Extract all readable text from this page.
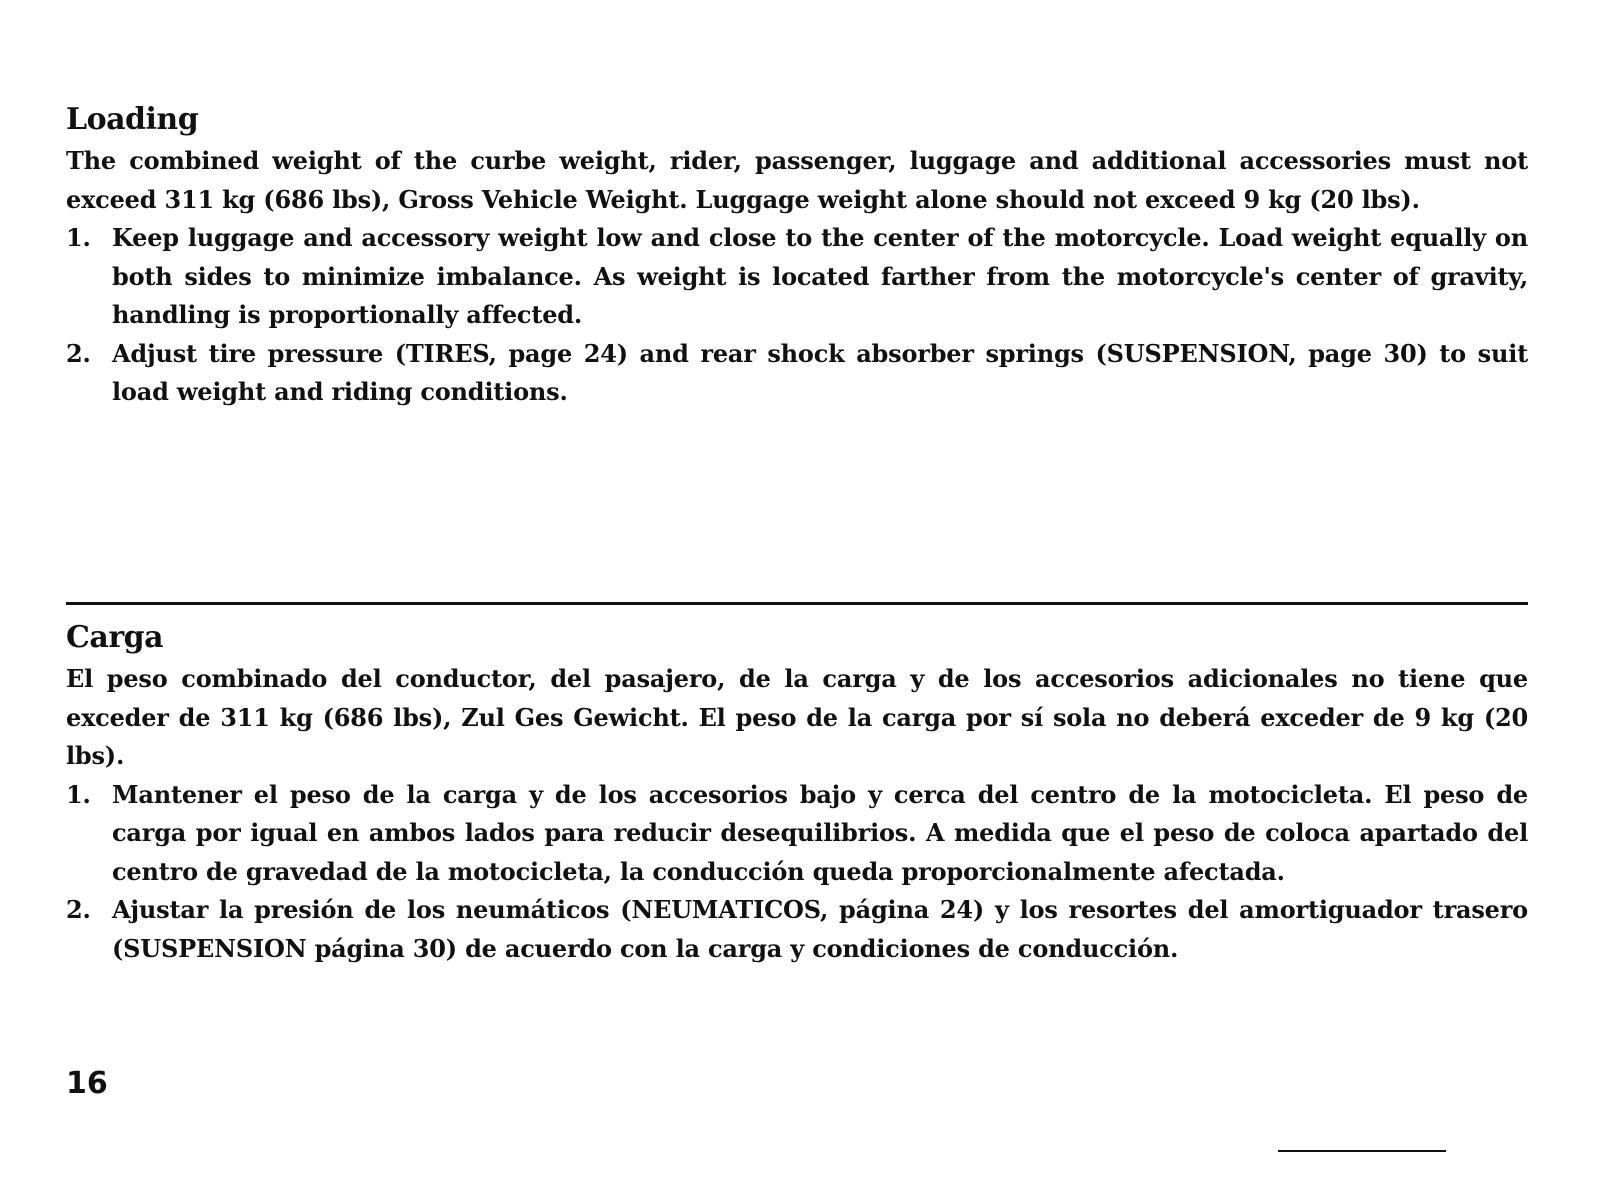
Loading

The combined weight of the curbe weight, rider, passenger, luggage and additional accessories must not exceed 311 kg (686 lbs), Gross Vehicle Weight. Luggage weight alone should not exceed 9 kg (20 lbs).

1. Keep luggage and accessory weight low and close to the center of the motorcycle. Load weight equally on both sides to minimize imbalance. As weight is located farther from the motorcycle's center of gravity, handling is proportionally affected.
2. Adjust tire pressure (TIRES, page 24) and rear shock absorber springs (SUSPENSION, page 30) to suit load weight and riding conditions.
Carga

El peso combinado del conductor, del pasajero, de la carga y de los accesorios adicionales no tiene que exceder de 311 kg (686 lbs), Zul Ges Gewicht. El peso de la carga por sí sola no deberá exceder de 9 kg (20 lbs).

1. Mantener el peso de la carga y de los accesorios bajo y cerca del centro de la motocicleta. El peso de carga por igual en ambos lados para reducir desequilibrios. A medida que el peso de coloca apartado del centro de gravedad de la motocicleta, la conducción queda proporcionalmente afectada.
2. Ajustar la presión de los neumáticos (NEUMATICOS, página 24) y los resortes del amortiguador trasero (SUSPENSION página 30) de acuerdo con la carga y condiciones de conducción.
16
